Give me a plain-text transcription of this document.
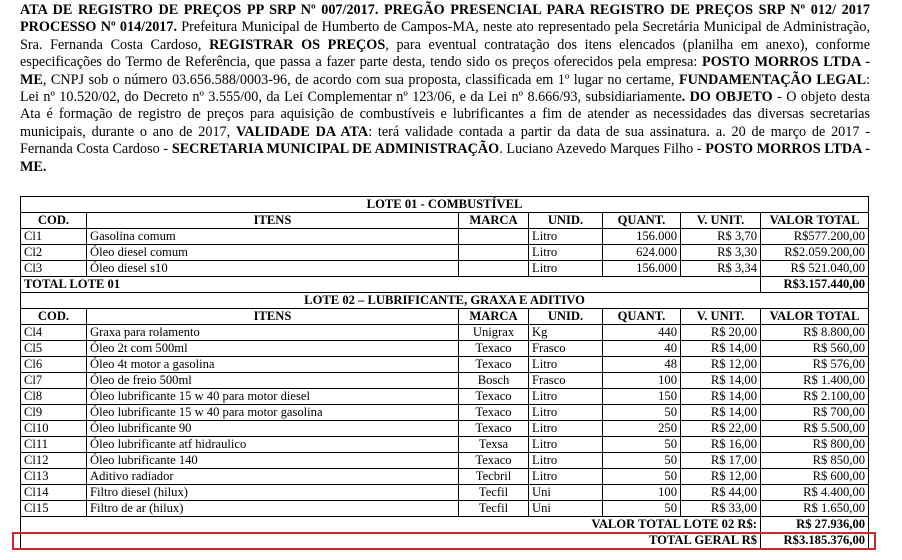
ATA DE REGISTRO DE PREÇOS PP SRP Nº 007/2017. PREGÃO PRESENCIAL PARA REGISTRO DE PREÇOS SRP Nº 012/ 2017 PROCESSO Nº 014/2017. Prefeitura Municipal de Humberto de Campos-MA, neste ato representado pela Secretária Municipal de Administração, Sra. Fernanda Costa Cardoso, REGISTRAR OS PREÇOS, para eventual contratação dos itens elencados (planilha em anexo), conforme especificações do Termo de Referência, que passa a fazer parte desta, tendo sido os preços oferecidos pela empresa: POSTO MORROS LTDA - ME, CNPJ sob o número 03.656.588/0003-96, de acordo com sua proposta, classificada em 1º lugar no certame, FUNDAMENTAÇÃO LEGAL: Lei nº 10.520/02, do Decreto nº 3.555/00, da Lei Complementar nº 123/06, e da Lei nº 8.666/93, subsidiariamente. DO OBJETO - O objeto desta Ata é formação de registro de preços para aquisição de combustíveis e lubrificantes a fim de atender as necessidades das diversas secretarias municipais, durante o ano de 2017, VALIDADE DA ATA: terá validade contada a partir da data de sua assinatura. a. 20 de março de 2017 - Fernanda Costa Cardoso - SECRETARIA MUNICIPAL DE ADMINISTRAÇÃO. Luciano Azevedo Marques Filho - POSTO MORROS LTDA - ME.
LOTE 01 - COMBUSTÍVEL						
COD.	ITENS	MARCA	UNID.	QUANT.	V. UNIT.	VALOR TOTAL
Cl1	Gasolina comum		Litro	156.000	R$ 3,70	R$577.200,00
Cl2	Óleo diesel comum		Litro	624.000	R$ 3,30	R$2.059.200,00
Cl3	Óleo diesel s10		Litro	156.000	R$ 3,34	R$ 521.040,00
TOTAL LOTE 01						R$3.157.440,00
LOTE 02 – LUBRIFICANTE, GRAXA E ADITIVO						
COD.	ITENS	MARCA	UNID.	QUANT.	V. UNIT.	VALOR TOTAL
Cl4	Graxa para rolamento	Unigrax	Kg	440	R$ 20,00	R$ 8.800,00
Cl5	Óleo 2t com 500ml	Texaco	Frasco	40	R$ 14,00	R$ 560,00
Cl6	Óleo 4t motor a gasolina	Texaco	Litro	48	R$ 12,00	R$ 576,00
Cl7	Óleo de freio 500ml	Bosch	Frasco	100	R$ 14,00	R$ 1.400,00
Cl8	Óleo lubrificante 15 w 40 para motor diesel	Texaco	Litro	150	R$ 14,00	R$ 2.100,00
Cl9	Óleo lubrificante 15 w 40 para motor gasolina	Texaco	Litro	50	R$ 14,00	R$ 700,00
Cl10	Óleo lubrificante 90	Texaco	Litro	250	R$ 22,00	R$ 5.500,00
Cl11	Óleo lubrificante atf hidraulico	Texsa	Litro	50	R$ 16,00	R$ 800,00
Cl12	Óleo lubrificante 140	Texaco	Litro	50	R$ 17,00	R$ 850,00
Cl13	Aditivo radiador	Tecbril	Litro	50	R$ 12,00	R$ 600,00
Cl14	Filtro diesel (hilux)	Tecfil	Uni	100	R$ 44,00	R$ 4.400,00
Cl15	Filtro de ar (hilux)	Tecfil	Uni	50	R$ 33,00	R$ 1.650,00
VALOR TOTAL LOTE 02 R$:						R$ 27.936,00
TOTAL GERAL R$						R$3.185.376,00
